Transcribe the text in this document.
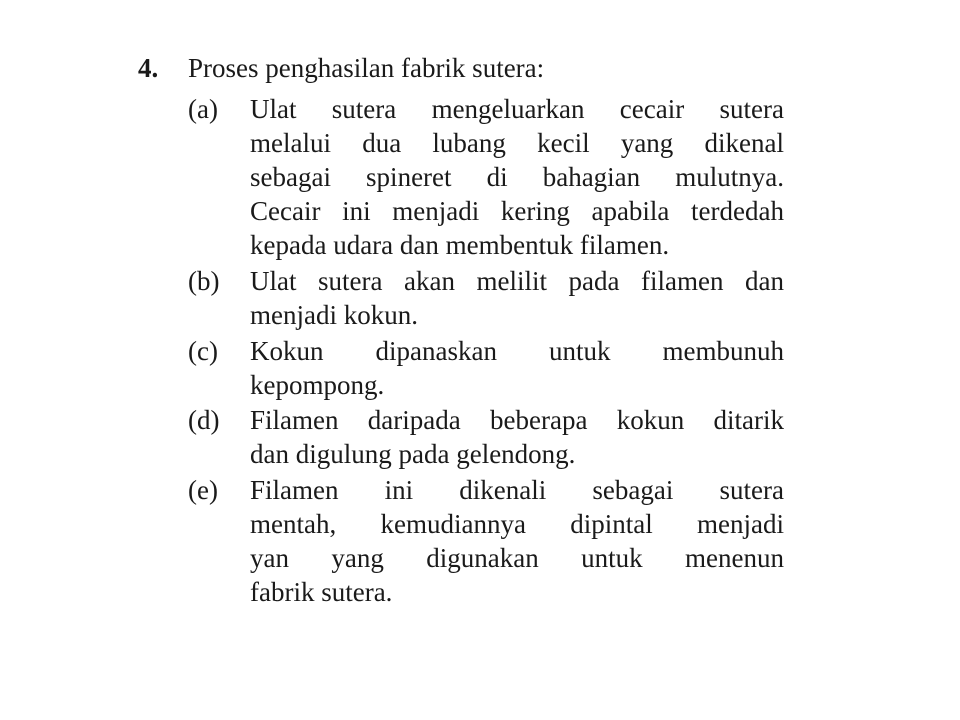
4. Proses penghasilan fabrik sutera:
(a) Ulat sutera mengeluarkan cecair sutera
melalui dua lubang kecil yang dikenal
sebagai spineret di bahagian mulutnya.
Cecair ini menjadi kering apabila terdedah
kepada udara dan membentuk filamen.
(b) Ulat sutera akan melilit pada filamen dan
menjadi kokun.
(c) Kokun dipanaskan untuk membunuh
kepompong.
(d) Filamen daripada beberapa kokun ditarik
dan digulung pada gelendong.
(e) Filamen ini dikenali sebagai sutera
mentah, kemudiannya dipintal menjadi
yan yang digunakan untuk menenun
fabrik sutera.
